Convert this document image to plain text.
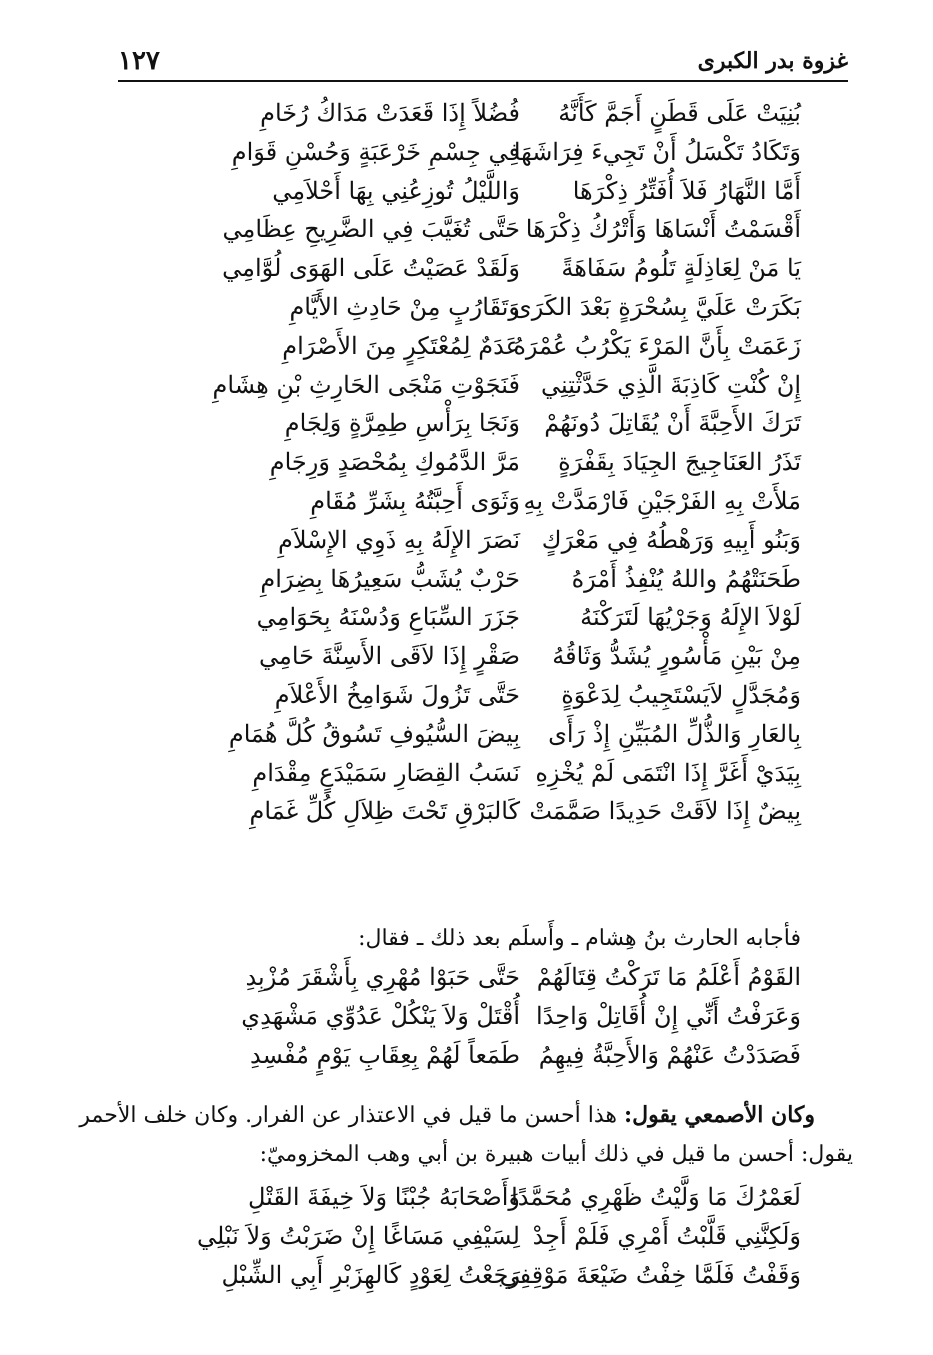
غزوة بدر الكبرى
١٢٧
بُنِيَتْ عَلَى قَطَنٍ أَجَمَّ كَأَنَّهُ
فُضُلاً إِذَا قَعَدَتْ مَدَاكُ رُخَامِ
وَتَكَادُ تَكْسَلُ أَنْ تَجِيءَ فِرَاشَهَا
فِي جِسْمِ خَرْعَبَةٍ وَحُسْنِ قَوَامِ
أَمَّا النَّهَارُ فَلاَ أُفَتِّرُ ذِكْرَهَا
وَاللَّيْلُ تُوزِعُنِي بِهَا أَحْلاَمِي
أَقْسَمْتُ أَنْسَاهَا وَأَتْرُكُ ذِكْرَهَا
حَتَّى تُغَيَّبَ فِي الضَّرِيحِ عِظَامِي
يَا مَنْ لِعَاذِلَةٍ تَلُومُ سَفَاهَةً
وَلَقَدْ عَصَيْتُ عَلَى الهَوَى لُوَّامِي
بَكَرَتْ عَلَيَّ بِسُحْرَةٍ بَعْدَ الكَرَى
وَتَقَارُبٍ مِنْ حَادِثِ الأَيَّامِ
زَعَمَتْ بِأَنَّ المَرْءَ يَكْرُبُ عُمْرَهُ
عَدَمٌ لِمُعْتَكِرٍ مِنَ الأَصْرَامِ
إِنْ كُنْتِ كَاذِبَةَ الَّذِي حَدَّثْتِنِي
فَنَجَوْتِ مَنْجَى الحَارِثِ بْنِ هِشَامِ
تَرَكَ الأَحِبَّةَ أَنْ يُقَاتِلَ دُونَهُمْ
وَنَجَا بِرَأْسِ طِمِرَّةٍ وَلِجَامِ
تَذَرُ العَنَاجِيجَ الجِيَادَ بِقَفْرَةٍ
مَرَّ الدَّمُوكِ بِمُحْصَدٍ وَرِجَامِ
مَلأَتْ بِهِ الفَرْجَيْنِ فَارْمَدَّتْ بِهِ
وَثَوَى أَحِبَّتُهُ بِشَرِّ مُقَامِ
وَبَنُو أَبِيهِ وَرَهْطُهُ فِي مَعْرَكٍ
نَصَرَ الإِلَهُ بِهِ ذَوِي الإِسْلاَمِ
طَحَنَتْهُمُ واللهُ يُنْفِذُ أَمْرَهُ
حَرْبٌ يُشَبُّ سَعِيرُهَا بِضِرَامِ
لَوْلاَ الإِلَهُ وَجَرْيُهَا لَتَرَكْنَهُ
جَزَرَ السِّبَاعِ وَدُسْنَهُ بِحَوَامِي
مِنْ بَيْنِ مَأْسُورٍ يُشَدُّ وَثَاقُهُ
صَقْرٍ إِذَا لاَقَى الأَسِنَّةَ حَامِي
وَمُجَدَّلٍ لاَيَسْتَجِيبُ لِدَعْوَةٍ
حَتَّى تَزُولَ شَوَامِخُ الأَعْلاَمِ
بِالعَارِ وَالذُّلِّ المُبَيِّنِ إِذْ رَأَى
بِيضَ السُّيُوفِ تَسُوقُ كُلَّ هُمَامِ
بِيَدَيْ أَغَرَّ إِذَا انْتَمَى لَمْ يُخْزِهِ
نَسَبُ القِصَارِ سَمَيْدَعٍ مِقْدَامِ
بِيضٌ إِذَا لاَقَتْ حَدِيدًا صَمَّمَتْ
كَالبَرْقِ تَحْتَ ظِلاَلِ كُلِّ غَمَامِ
فأجابه الحارث بنُ هِشام ـ وأَسلَم بعد ذلك ـ فقال:
القَوْمُ أَعْلَمُ مَا تَرَكْتُ قِتَالَهُمْ
حَتَّى حَبَوْا مُهْرِي بِأَشْقَرَ مُزْبِدِ
وَعَرَفْتُ أَنِّي إِنْ أُقَاتِلْ وَاحِدًا
أُقْتَلْ وَلاَ يَنْكُلْ عَدُوِّي مَشْهَدِي
فَصَدَدْتُ عَنْهُمْ وَالأَحِبَّةُ فِيهِمُ
طَمَعاً لَهُمْ بِعِقَابِ يَوْمٍ مُفْسِدِ
وكان الأصمعي يقول: هذا أحسن ما قيل في الاعتذار عن الفرار. وكان خلف الأحمر
يقول: أحسن ما قيل في ذلك أبيات هبيرة بن أبي وهب المخزوميّ:
لَعَمْرُكَ مَا وَلَّيْتُ ظَهْرِي مُحَمَّدًا
وَأَصْحَابَهُ جُبْنًا وَلاَ خِيفَةَ القَتْلِ
وَلَكِنَّنِي قَلَّبْتُ أَمْرِي فَلَمْ أَجِدْ
لِسَيْفِي مَسَاغًا إِنْ ضَرَبْتُ وَلاَ نَبْلِي
وَقَفْتُ فَلَمَّا خِفْتُ ضَيْعَةَ مَوْقِفِي
رَجَعْتُ لِعَوْدٍ كَالهِزَبْرِ أَبِي الشِّبْلِ
